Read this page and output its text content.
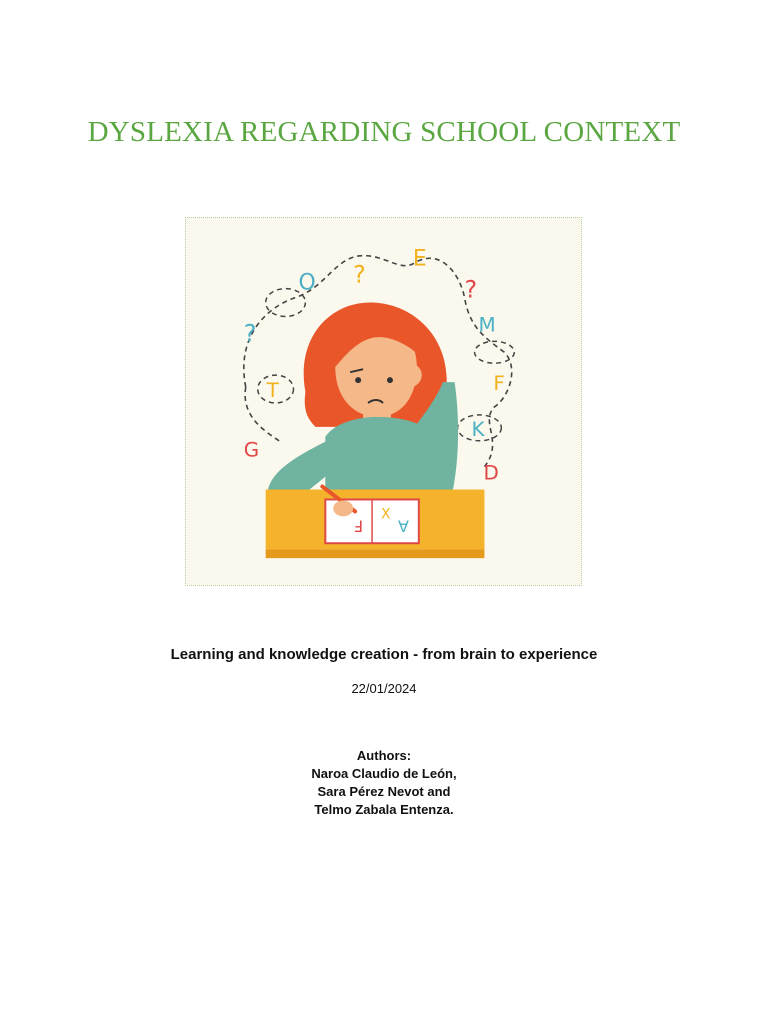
DYSLEXIA REGARDING SCHOOL CONTEXT
O ?
E
?
M
?
T	F
G
K
D
F
X
A
Learning and knowledge creation - from brain to experience
22/01/2024
Authors:
Naroa Claudio de León,
Sara Pérez Nevot and
Telmo Zabala Entenza.
